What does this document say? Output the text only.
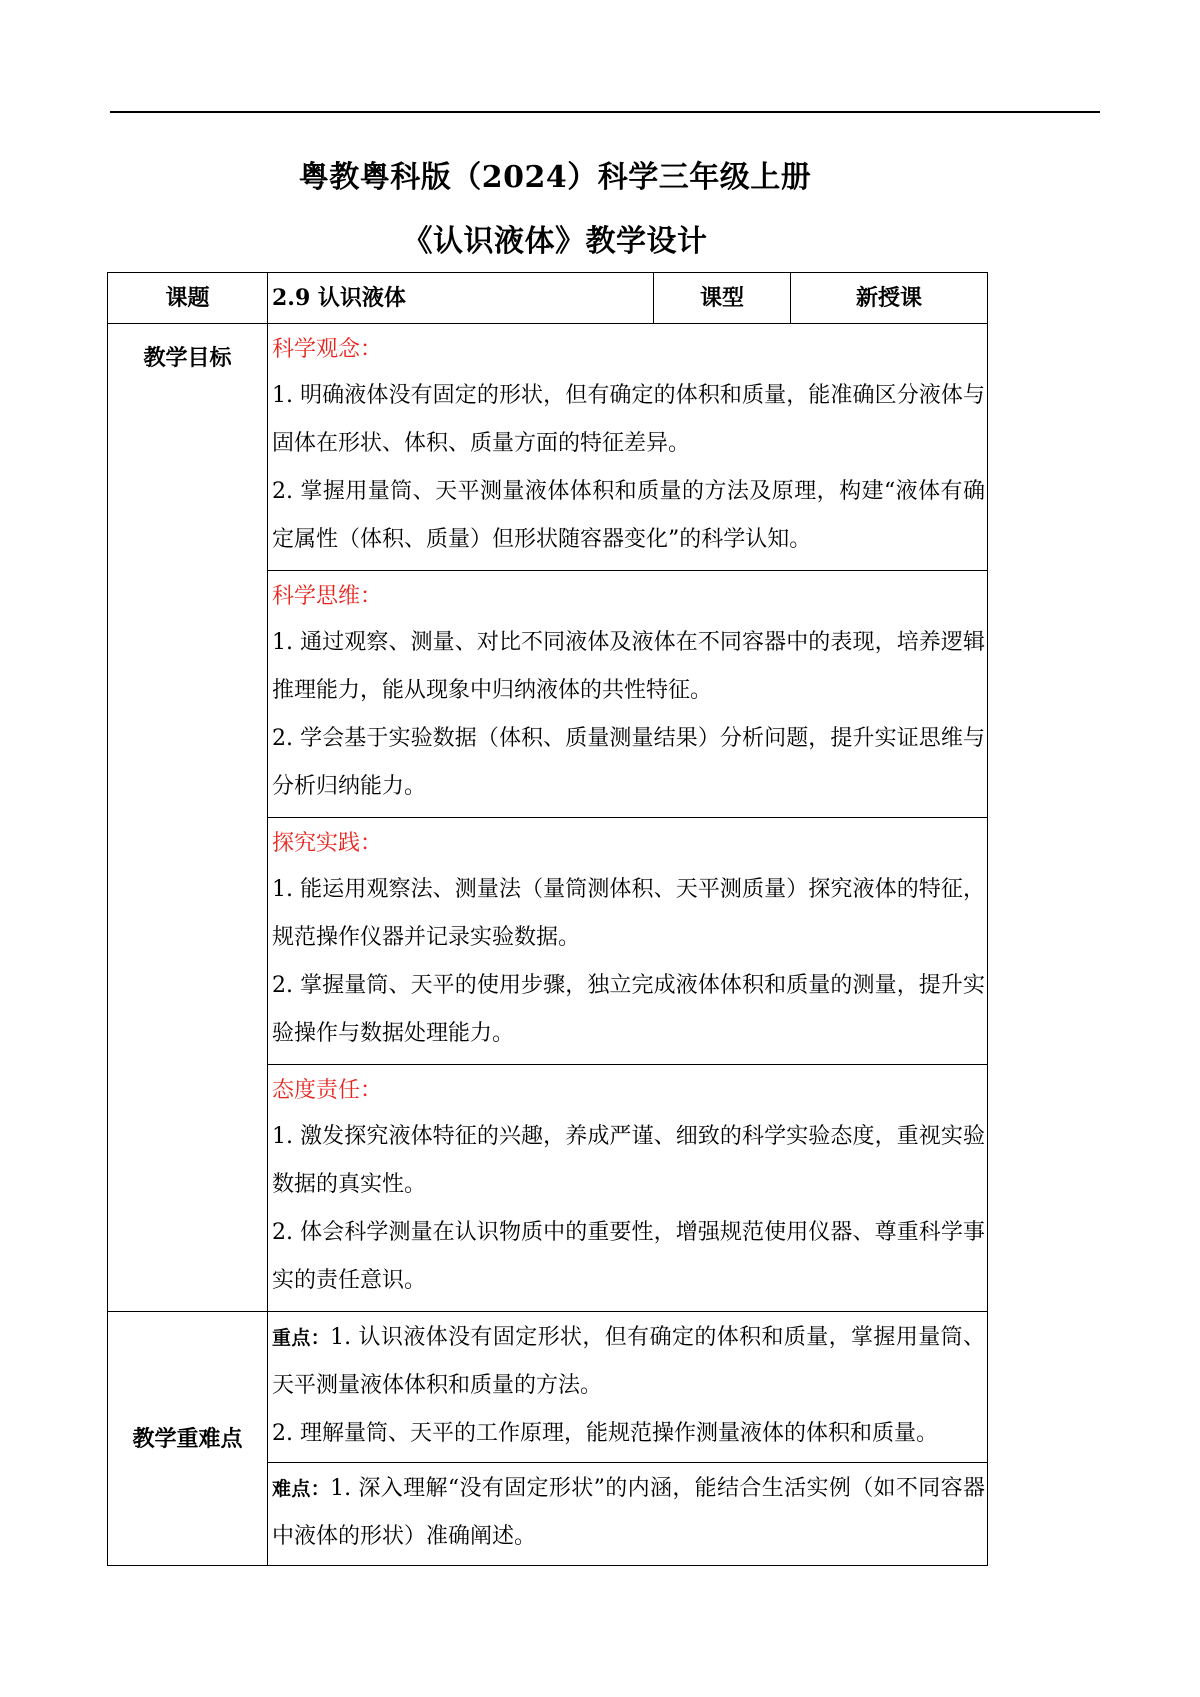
粤教粤科版（2024）科学三年级上册
《认识液体》教学设计
课题	2.9 认识液体	课型	新授课
教学目标	科学观念：
1. 明确液体没有固定的形状，但有确定的体积和质量，能准确区分液体与固体在形状、体积、质量方面的特征差异。
2. 掌握用量筒、天平测量液体体积和质量的方法及原理，构建“液体有确定属性（体积、质量）但形状随容器变化”的科学认知。		

	科学思维：
1. 通过观察、测量、对比不同液体及液体在不同容器中的表现，培养逻辑推理能力，能从现象中归纳液体的共性特征。
2. 学会基于实验数据（体积、质量测量结果）分析问题，提升实证思维与分析归纳能力。		

	探究实践：
1. 能运用观察法、测量法（量筒测体积、天平测质量）探究液体的特征，规范操作仪器并记录实验数据。
2. 掌握量筒、天平的使用步骤，独立完成液体体积和质量的测量，提升实验操作与数据处理能力。		

	态度责任：
1. 激发探究液体特征的兴趣，养成严谨、细致的科学实验态度，重视实验数据的真实性。
2. 体会科学测量在认识物质中的重要性，增强规范使用仪器、尊重科学事实的责任意识。		

教学重难点	重点：1. 认识液体没有固定形状，但有确定的体积和质量，掌握用量筒、天平测量液体体积和质量的方法。
2. 理解量筒、天平的工作原理，能规范操作测量液体的体积和质量。		

	难点：1. 深入理解“没有固定形状”的内涵，能结合生活实例（如不同容器中液体的形状）准确阐述。		
